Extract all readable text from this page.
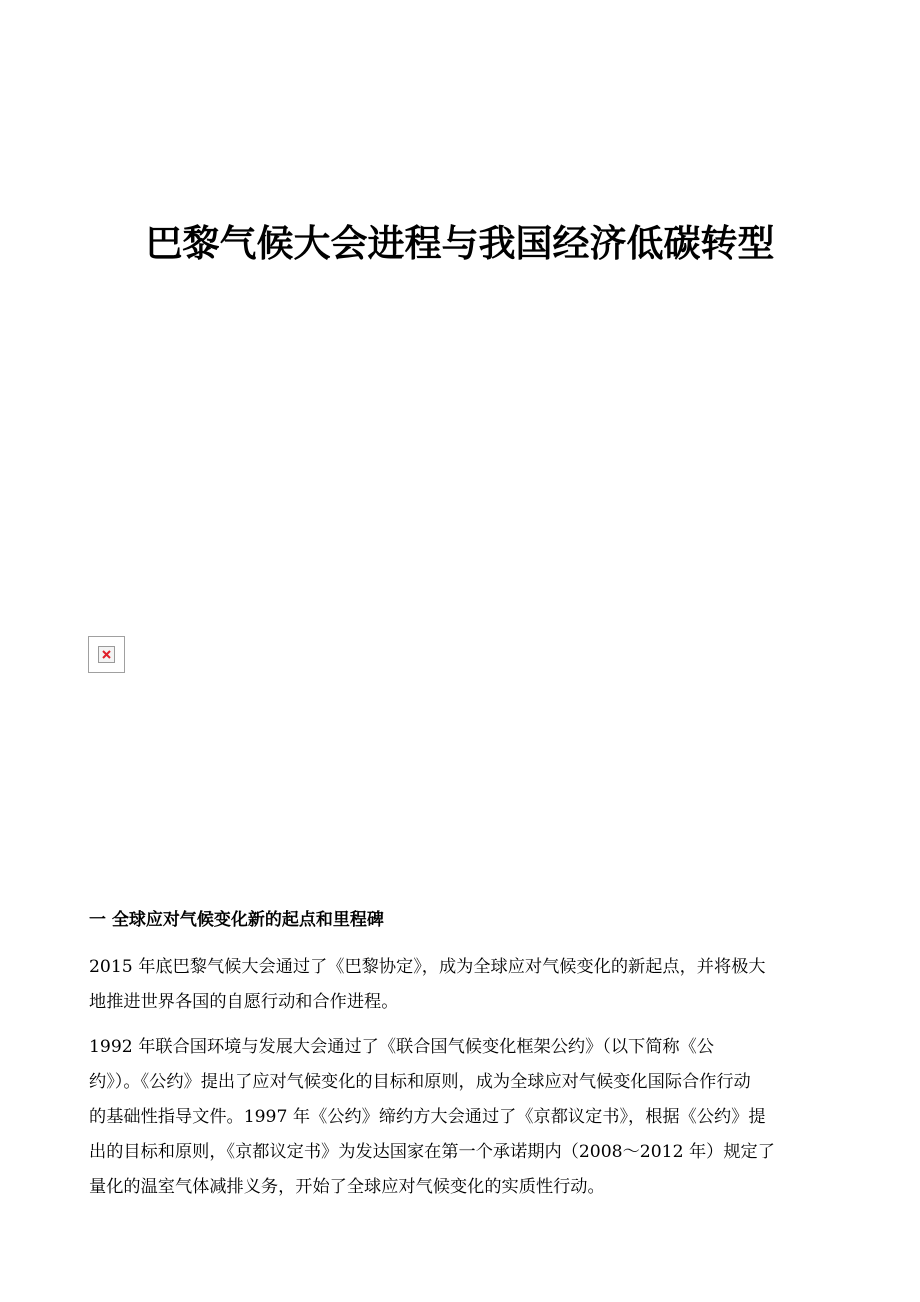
巴黎气候大会进程与我国经济低碳转型
一 全球应对气候变化新的起点和里程碑

2015 年底巴黎气候大会通过了《巴黎协定》，成为全球应对气候变化的新起点，并将极大
地推进世界各国的自愿行动和合作进程。

1992 年联合国环境与发展大会通过了《联合国气候变化框架公约》（以下简称《公
约》）。《公约》提出了应对气候变化的目标和原则，成为全球应对气候变化国际合作行动
的基础性指导文件。1997 年《公约》缔约方大会通过了《京都议定书》，根据《公约》提
出的目标和原则，《京都议定书》为发达国家在第一个承诺期内（2008～2012 年）规定了
量化的温室气体减排义务，开始了全球应对气候变化的实质性行动。
